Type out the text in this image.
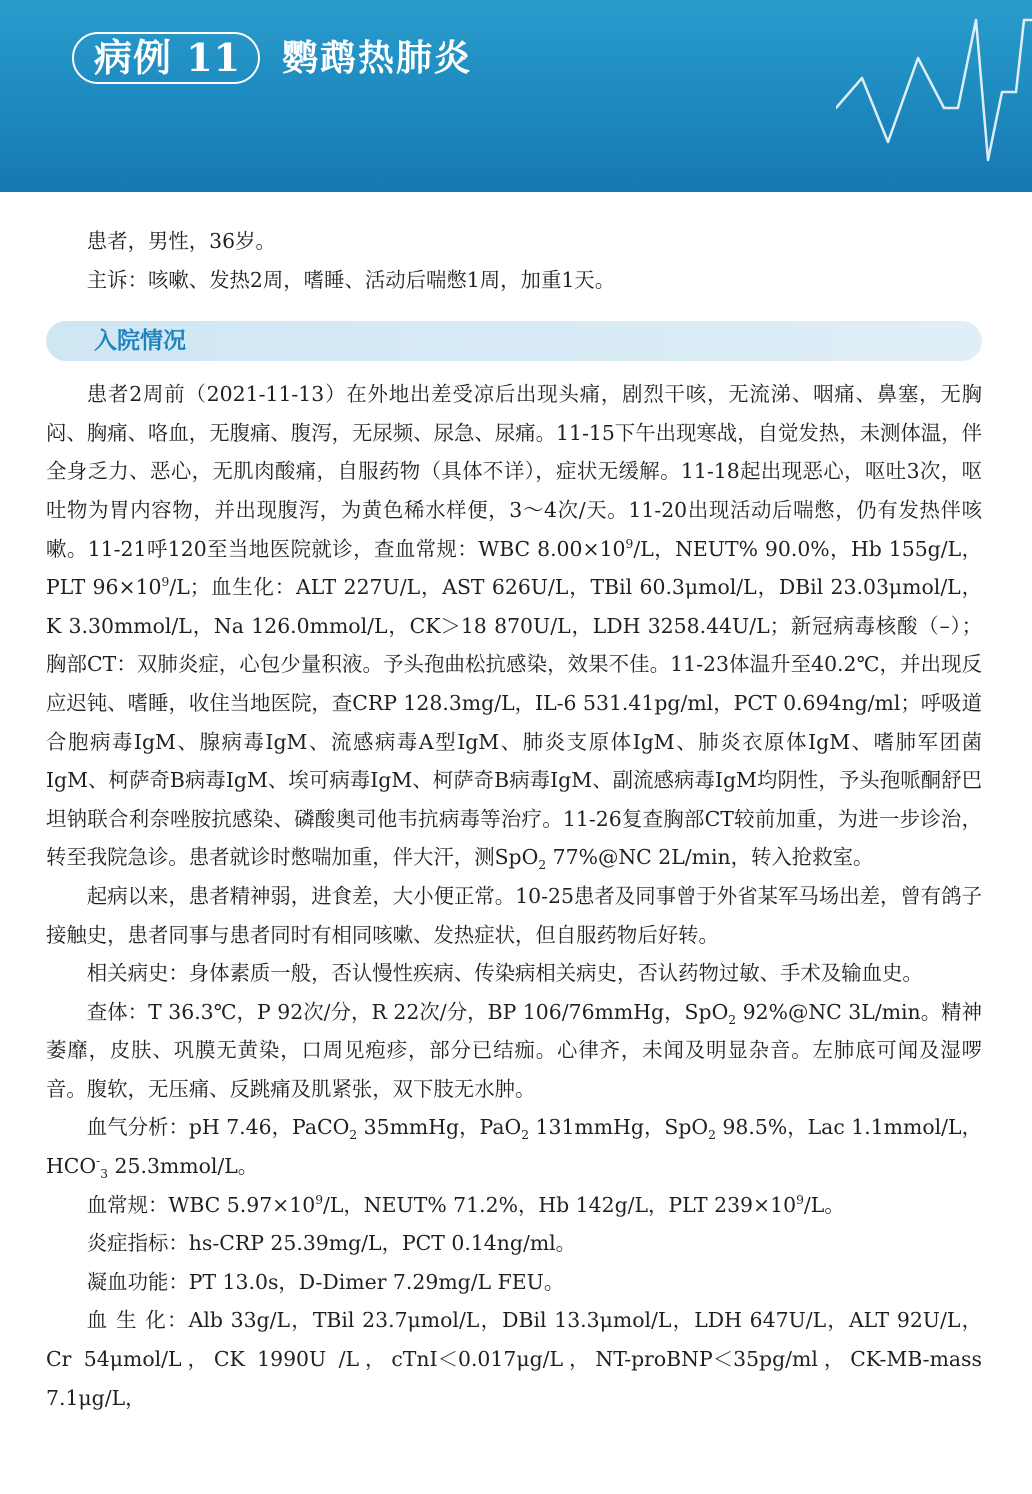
病例 11 鹦鹉热肺炎

患者，男性，36岁。

主诉：咳嗽、发热2周，嗜睡、活动后喘憋1周，加重1天。

入院情况

患者2周前（2021-11-13）在外地出差受凉后出现头痛，剧烈干咳，无流涕、咽痛、鼻塞，无胸闷、胸痛、咯血，无腹痛、腹泻，无尿频、尿急、尿痛。11-15下午出现寒战，自觉发热，未测体温，伴全身乏力、恶心，无肌肉酸痛，自服药物（具体不详），症状无缓解。11-18起出现恶心，呕吐3次，呕吐物为胃内容物，并出现腹泻，为黄色稀水样便，3～4次/天。11-20出现活动后喘憋，仍有发热伴咳嗽。11-21呼120至当地医院就诊，查血常规：WBC $8.00\times 10^9/L$，NEUT% 90.0%，Hb 155g/L，PLT $96\times 10^9/L$；血生化：ALT 227U/L，AST 626U/L，TBil 60.3μmol/L，DBil 23.03μmol/L，K 3.30mmol/L，Na 126.0mmol/L，CK＞18 870U/L，LDH 3258.44U/L；新冠病毒核酸（–）；胸部CT：双肺炎症，心包少量积液。予头孢曲松抗感染，效果不佳。11-23体温升至40.2℃，并出现反应迟钝、嗜睡，收住当地医院，查CRP 128.3mg/L，IL-6 531.41pg/ml，PCT 0.694ng/ml；呼吸道合胞病毒IgM、腺病毒IgM、流感病毒A型IgM、肺炎支原体IgM、肺炎衣原体IgM、嗜肺军团菌IgM、柯萨奇B病毒IgM、埃可病毒IgM、柯萨奇B病毒IgM、副流感病毒IgM均阴性，予头孢哌酮舒巴坦钠联合利奈唑胺抗感染、磷酸奥司他韦抗病毒等治疗。11-26复查胸部CT较前加重，为进一步诊治，转至我院急诊。患者就诊时憋喘加重，伴大汗，测SpO$_2$ 77%@NC 2L/min，转入抢救室。

起病以来，患者精神弱，进食差，大小便正常。10-25患者及同事曾于外省某军马场出差，曾有鸽子接触史，患者同事与患者同时有相同咳嗽、发热症状，但自服药物后好转。

相关病史：身体素质一般，否认慢性疾病、传染病相关病史，否认药物过敏、手术及输血史。

查体：T 36.3℃，P 92次/分，R 22次/分，BP 106/76mmHg，SpO$_2$ 92%@NC 3L/min。精神萎靡，皮肤、巩膜无黄染，口周见疱疹，部分已结痂。心律齐，未闻及明显杂音。左肺底可闻及湿啰音。腹软，无压痛、反跳痛及肌紧张，双下肢无水肿。

血气分析：pH 7.46，PaCO$_2$ 35mmHg，PaO$_2$ 131mmHg，SpO$_2$ 98.5%，Lac 1.1mmol/L，$HCO^-_3$ 25.3mmol/L。

血常规：WBC $5.97\times 10^9/L$，NEUT% 71.2%，Hb 142g/L，PLT $239\times 10^9/L$。

炎症指标：hs-CRP 25.39mg/L，PCT 0.14ng/ml。

凝血功能：PT 13.0s，D-Dimer 7.29mg/L FEU。

血 生 化：Alb 33g/L，TBil 23.7μmol/L，DBil 13.3μmol/L，LDH 647U/L，ALT 92U/L，Cr 54μmol/L，CK 1990U /L，cTnI＜0.017μg/L，NT-proBNP＜35pg/ml，CK-MB-mass 7.1μg/L，
